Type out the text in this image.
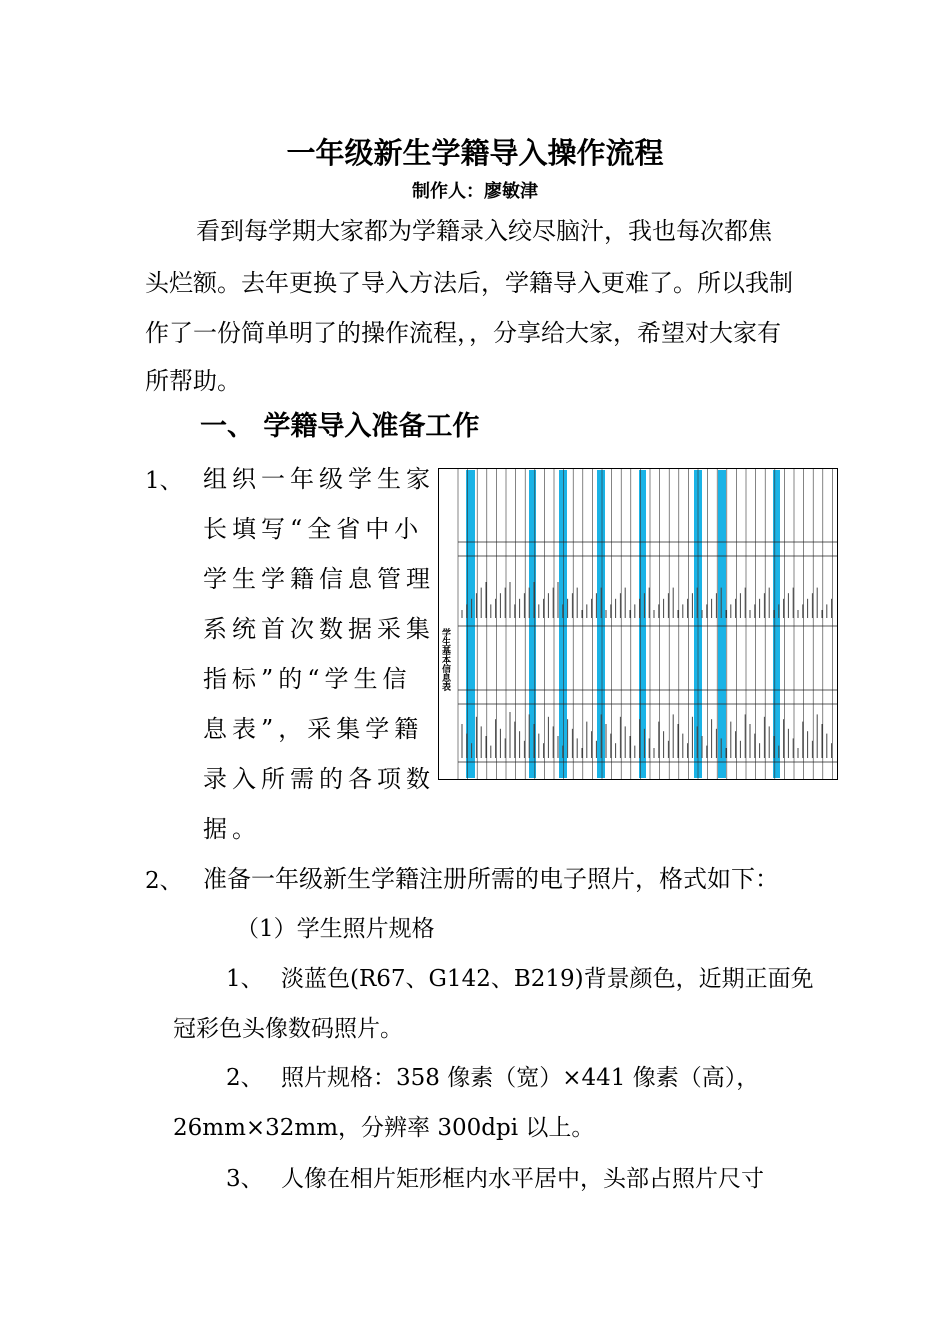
一年级新生学籍导入操作流程
制作人：廖敏津
看到每学期大家都为学籍录入绞尽脑汁，我也每次都焦
头烂额。去年更换了导入方法后，学籍导入更难了。所以我制
作了一份简单明了的操作流程，，分享给大家，希望对大家有
所帮助。
一、 学籍导入准备工作
1、 组织一年级学生家
长填写“全省中小
学生学籍信息管理
系统首次数据采集
指标”的“学生信
息表”，采集学籍
录入所需的各项数
据。
学生基本信息表
2、 准备一年级新生学籍注册所需的电子照片，格式如下：
（1）学生照片规格
1、 淡蓝色(R67、G142、B219)背景颜色，近期正面免
冠彩色头像数码照片。
2、 照片规格：358 像素（宽）×441 像素（高），
26mm×32mm，分辨率 300dpi 以上。
3、 人像在相片矩形框内水平居中，头部占照片尺寸
